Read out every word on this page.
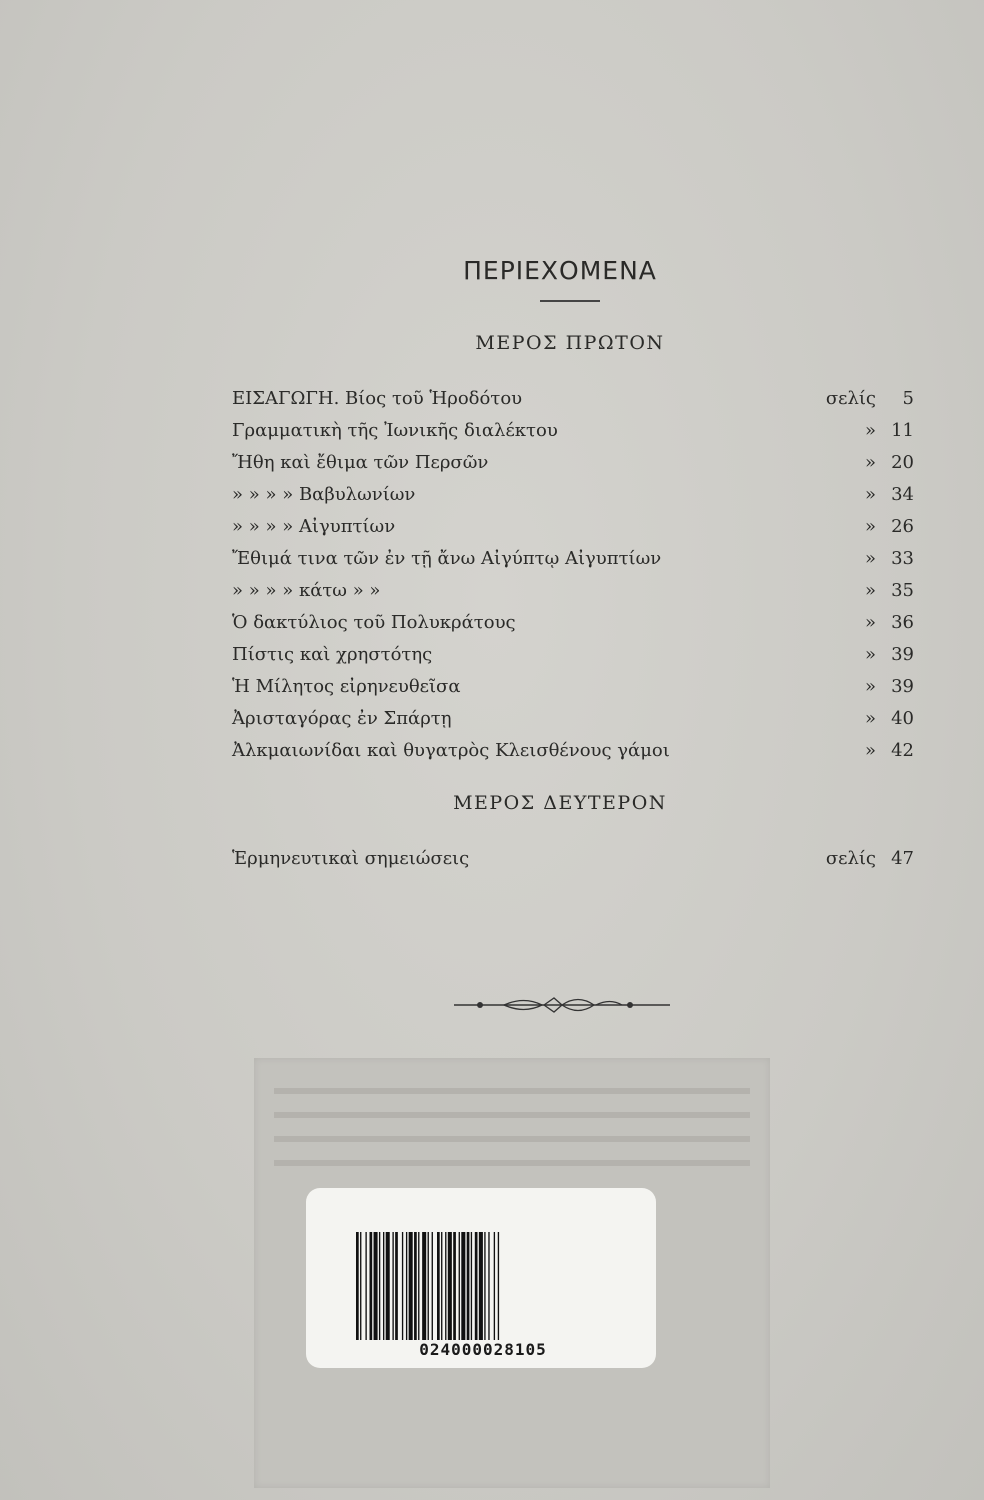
ΠΕΡΙΕΧΟΜΕΝΑ
ΜΕΡΟΣ ΠΡΩΤΟΝ
ΕΙΣΑΓΩΓΗ. Βίος τοῦ Ἡροδότου	σελίς	5
Γραμματικὴ τῆς Ἰωνικῆς διαλέκτου	» 11
Ἤθη καὶ ἔθιμα τῶν Περσῶν	» 20
» » » » Βαβυλωνίων	» 34
» » » » Αἰγυπτίων	» 26
Ἔθιμά τινα τῶν ἐν τῇ ἄνω Αἰγύπτῳ Αἰγυπτίων	» 33
» » » » κάτω » »	» 35
Ὁ δακτύλιος τοῦ Πολυκράτους	» 36
Πίστις καὶ χρηστότης	» 39
Ἡ Μίλητος εἰρηνευθεῖσα	» 39
Ἀρισταγόρας ἐν Σπάρτῃ	» 40
Ἀλκμαιωνίδαι καὶ θυγατρὸς Κλεισθένους γάμοι	» 42
ΜΕΡΟΣ ΔΕΥΤΕΡΟΝ
Ἑρμηνευτικαὶ σημειώσεις	σελίς 47
024000028105
